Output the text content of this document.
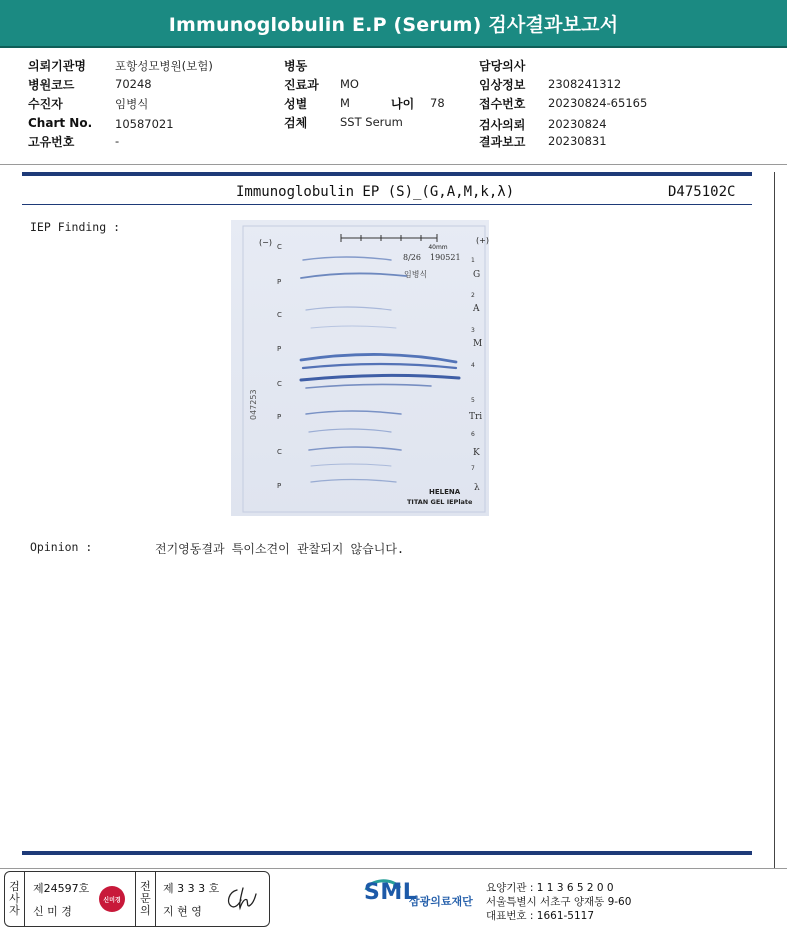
Immunoglobulin E.P (Serum) 검사결과보고서
의뢰기관명	포항성모병원(보험)
병원코드	70248
수진자	임병식
Chart No. 10587021
고유번호	-
병동
진료과 MO
성별	M	나이 78
검체	SST Serum
담당의사
임상정보 2308241312
접수번호 20230824-65165
검사의뢰 20230824
결과보고 20230831
Immunoglobulin EP (S)_(G,A,M,k,λ)	D475102C
IEP Finding :
40mm
8/26 190521
임병식
(−)	(+)
047253
C
P
C
P
C
P
C
P
1
G
2
A
3
M
4
5
Tri
6
K
7
λ
HELENA
TITAN GEL IEPlate
Opinion :	전기영동결과 특이소견이 관찰되지 않습니다.
검사자
제24597호
신 미 경
신미경
전문의
제 3 3 3 호
지 현 영
SML
삼광의료재단
요양기관 : 1 1 3 6 5 2 0 0
서울특별시 서초구 양재동 9-60
대표번호 : 1661-5117
